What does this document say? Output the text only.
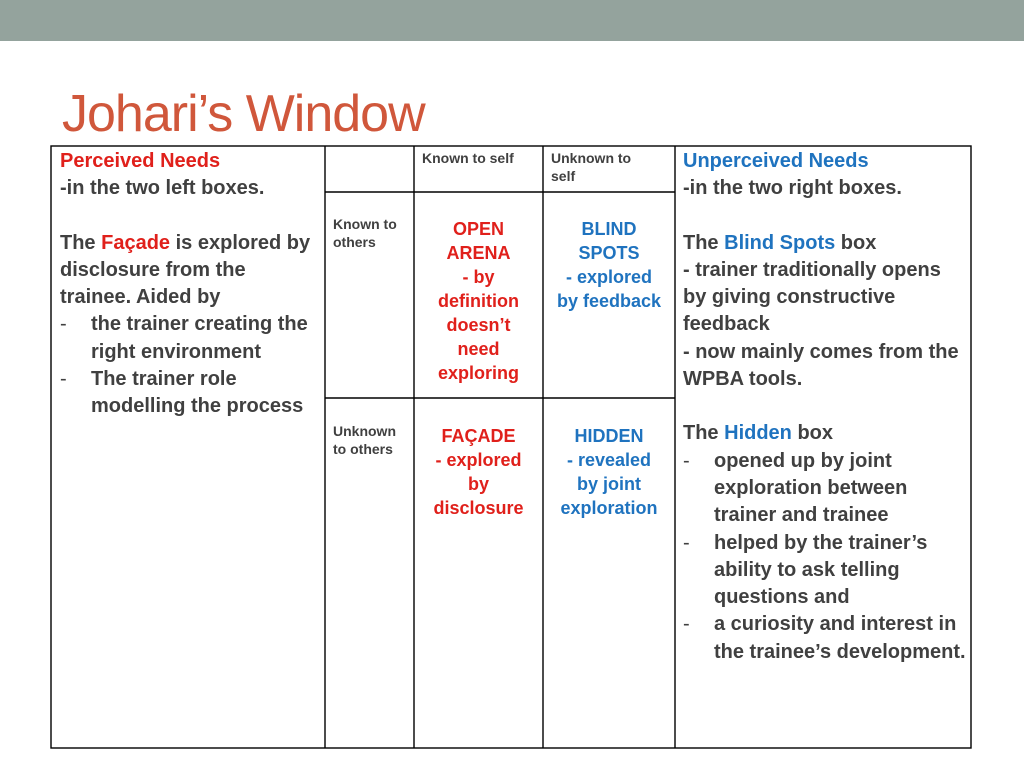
Johari’s Window

Perceived Needs

-in the two left boxes.

The Façade is explored by disclosure from the trainee. Aided by

- the trainer creating the right environment
- The trainer role modelling the process
Known to self	Unknown to self
Known to others
Unknown to others
OPEN
ARENA
- by
definition
doesn’t
need
exploring
BLIND
SPOTS
- explored
by feedback
FAÇADE
- explored
by
disclosure
HIDDEN
- revealed
by joint
exploration

Unperceived Needs

-in the two right boxes.

The Blind Spots box

- trainer traditionally opens by giving constructive feedback

- now mainly comes from the WPBA tools.

The Hidden box

- opened up by joint exploration between trainer and trainee
- helped by the trainer’s ability to ask telling questions and
- a curiosity and interest in the trainee’s development.
